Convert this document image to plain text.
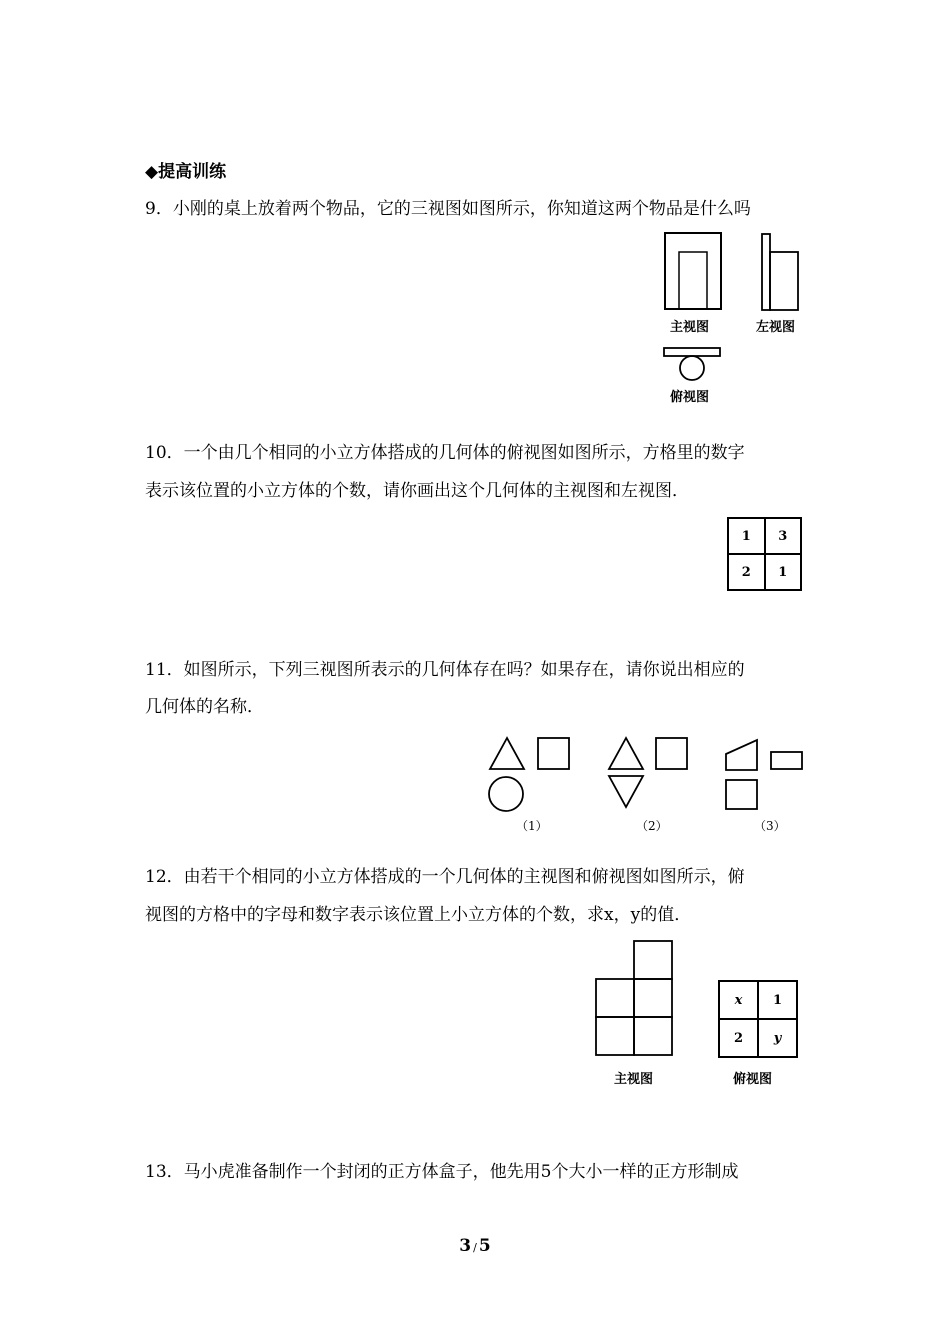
◆提高训练
9．小刚的桌上放着两个物品，它的三视图如图所示，你知道这两个物品是什么吗
主视图	左视图
俯视图
10．一个由几个相同的小立方体搭成的几何体的俯视图如图所示，方格里的数字
表示该位置的小立方体的个数，请你画出这个几何体的主视图和左视图．
1	3
2	1
11．如图所示，下列三视图所表示的几何体存在吗？如果存在，请你说出相应的
几何体的名称．
（1）	（2）	（3）
12．由若干个相同的小立方体搭成的一个几何体的主视图和俯视图如图所示，俯
视图的方格中的字母和数字表示该位置上小立方体的个数，求x，y的值．
主视图
x	1
2	y
俯视图
13．马小虎准备制作一个封闭的正方体盒子，他先用5个大小一样的正方形制成
3 / 5
